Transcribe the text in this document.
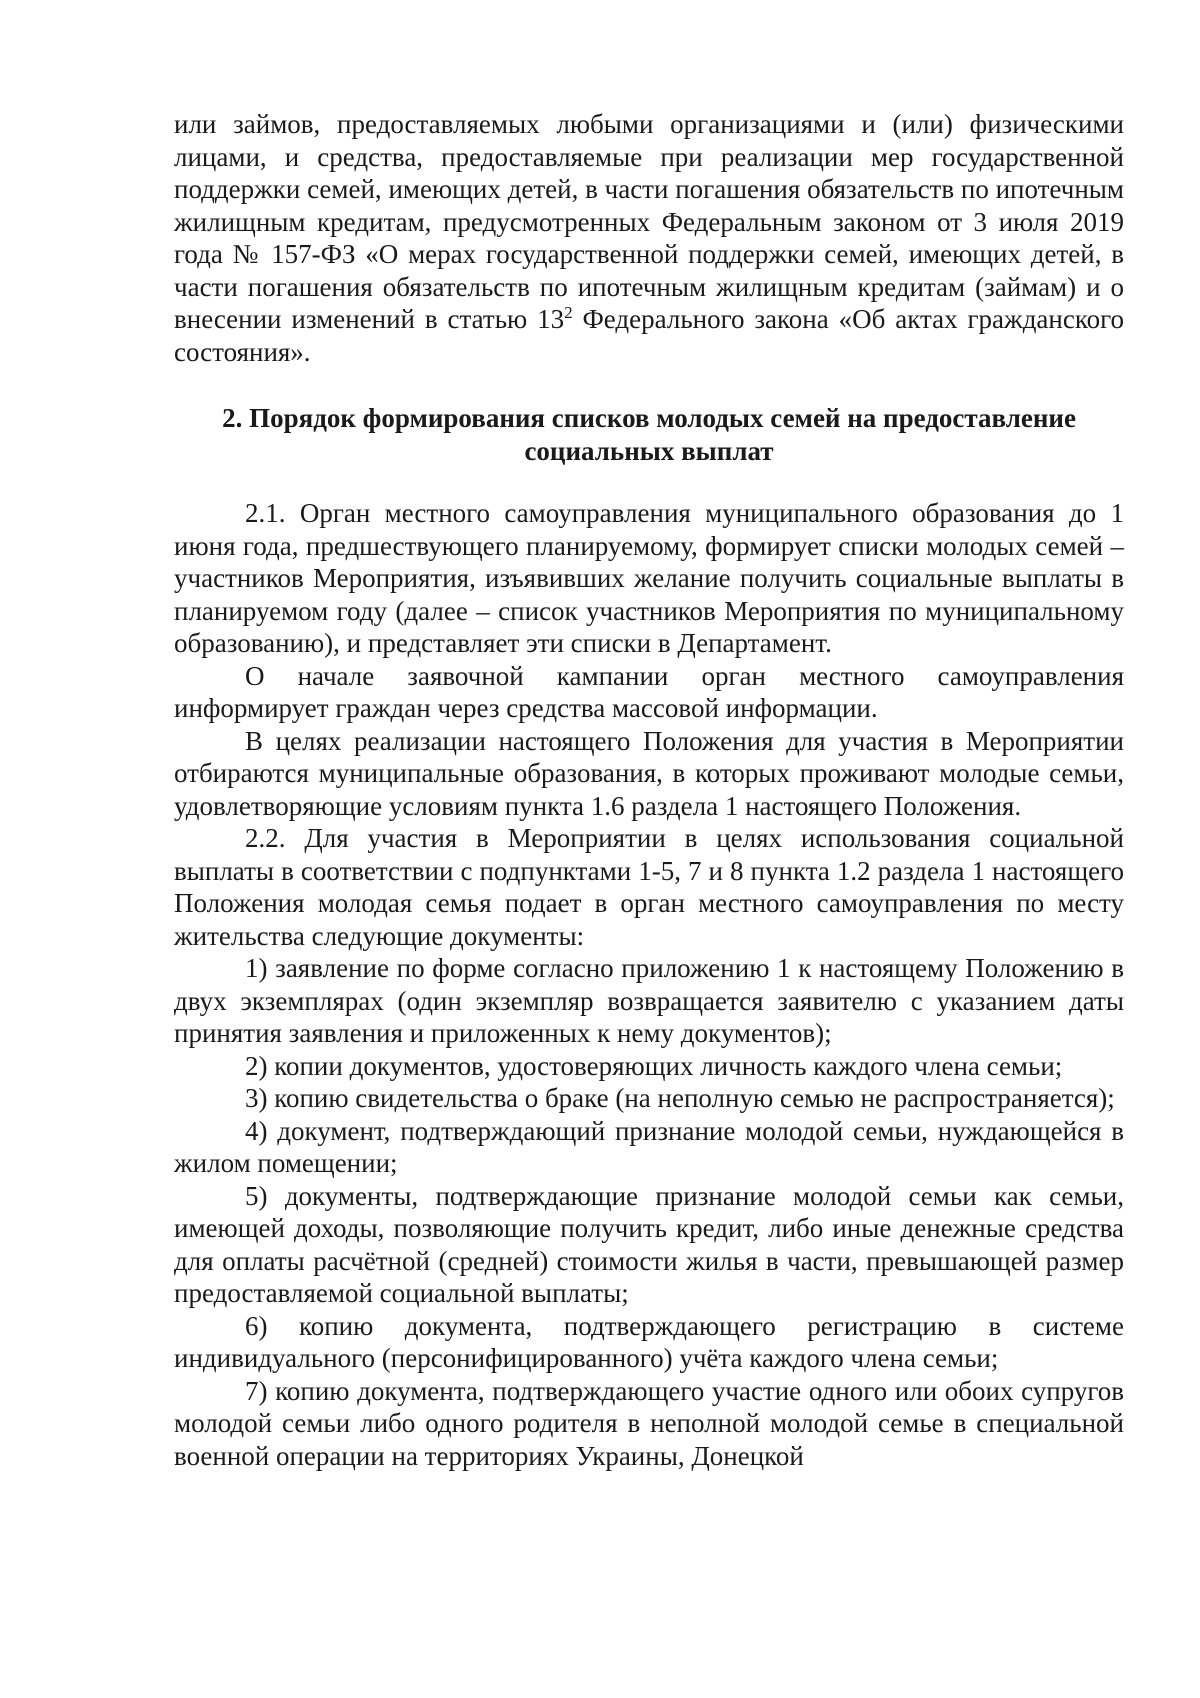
или займов, предоставляемых любыми организациями и (или) физическими лицами, и средства, предоставляемые при реализации мер государственной поддержки семей, имеющих детей, в части погашения обязательств по ипотечным жилищным кредитам, предусмотренных Федеральным законом от 3 июля 2019 года № 157-ФЗ «О мерах государственной поддержки семей, имеющих детей, в части погашения обязательств по ипотечным жилищным кредитам (займам) и о внесении изменений в статью $13^2$ Федерального закона «Об актах гражданского состояния».

2. Порядок формирования списков молодых семей на предоставление социальных выплат

2.1. Орган местного самоуправления муниципального образования до 1 июня года, предшествующего планируемому, формирует списки молодых семей – участников Мероприятия, изъявивших желание получить социальные выплаты в планируемом году (далее – список участников Мероприятия по муниципальному образованию), и представляет эти списки в Департамент.

О начале заявочной кампании орган местного самоуправления информирует граждан через средства массовой информации.

В целях реализации настоящего Положения для участия в Мероприятии отбираются муниципальные образования, в которых проживают молодые семьи, удовлетворяющие условиям пункта 1.6 раздела 1 настоящего Положения.

2.2. Для участия в Мероприятии в целях использования социальной выплаты в соответствии с подпунктами 1-5, 7 и 8 пункта 1.2 раздела 1 настоящего Положения молодая семья подает в орган местного самоуправления по месту жительства следующие документы:

1) заявление по форме согласно приложению 1 к настоящему Положению в двух экземплярах (один экземпляр возвращается заявителю с указанием даты принятия заявления и приложенных к нему документов);

2) копии документов, удостоверяющих личность каждого члена семьи;

3) копию свидетельства о браке (на неполную семью не распространяется);

4) документ, подтверждающий признание молодой семьи, нуждающейся в жилом помещении;

5) документы, подтверждающие признание молодой семьи как семьи, имеющей доходы, позволяющие получить кредит, либо иные денежные средства для оплаты расчётной (средней) стоимости жилья в части, превышающей размер предоставляемой социальной выплаты;

6) копию документа, подтверждающего регистрацию в системе индивидуального (персонифицированного) учёта каждого члена семьи;

7) копию документа, подтверждающего участие одного или обоих супругов молодой семьи либо одного родителя в неполной молодой семье в специальной военной операции на территориях Украины, Донецкой
